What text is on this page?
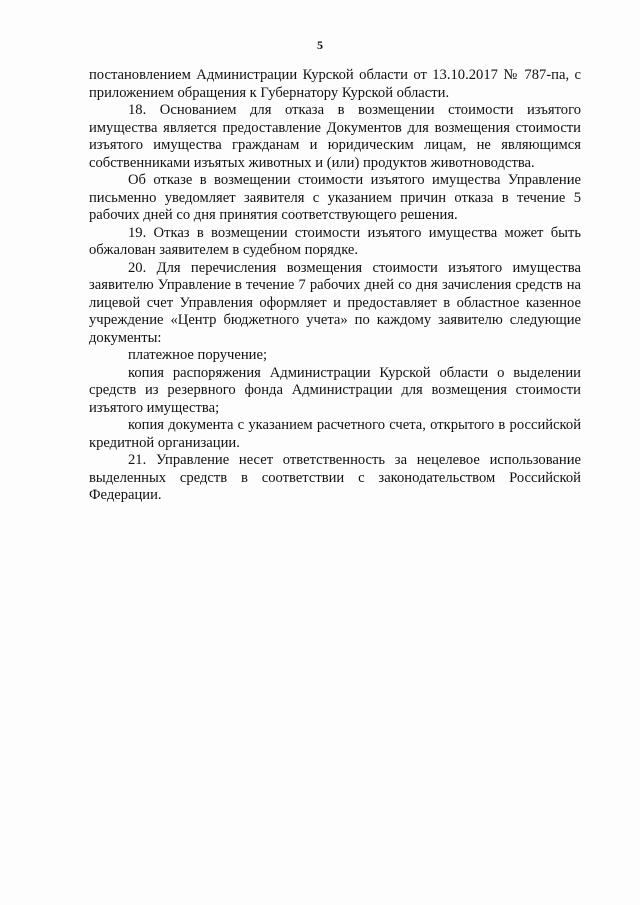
5

постановлением Администрации Курской области от 13.10.2017 № 787-па, с приложением обращения к Губернатору Курской области.

18. Основанием для отказа в возмещении стоимости изъятого имущества является предоставление Документов для возмещения стоимости изъятого имущества гражданам и юридическим лицам, не являющимся собственниками изъятых животных и (или) продуктов животноводства.

Об отказе в возмещении стоимости изъятого имущества Управление письменно уведомляет заявителя с указанием причин отказа в течение 5 рабочих дней со дня принятия соответствующего решения.

19. Отказ в возмещении стоимости изъятого имущества может быть обжалован заявителем в судебном порядке.

20. Для перечисления возмещения стоимости изъятого имущества заявителю Управление в течение 7 рабочих дней со дня зачисления средств на лицевой счет Управления оформляет и предоставляет в областное казенное учреждение «Центр бюджетного учета» по каждому заявителю следующие документы:

платежное поручение;

копия распоряжения Администрации Курской области о выделении средств из резервного фонда Администрации для возмещения стоимости изъятого имущества;

копия документа с указанием расчетного счета, открытого в российской кредитной организации.

21. Управление несет ответственность за нецелевое использование выделенных средств в соответствии с законодательством Российской Федерации.
